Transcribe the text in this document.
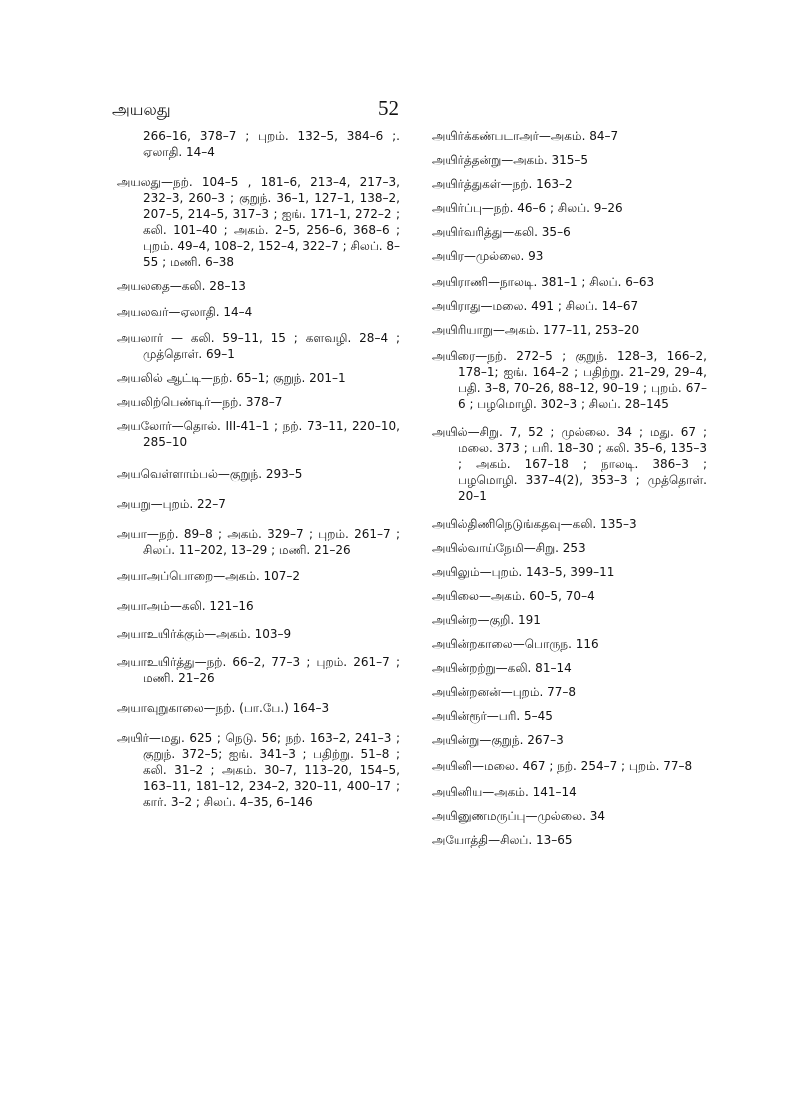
அயலது	52

266–16, 378–7 ; புறம். 132–5, 384–6 ;. ஏலாதி. 14–4

அயலது—நற். 104–5 , 181–6, 213–4, 217–3, 232–3, 260–3 ; குறுந். 36–1, 127–1, 138–2, 207–5, 214–5, 317–3 ; ஐங். 171–1, 272–2 ; கலி. 101–40 ; அகம். 2–5, 256–6, 368–6 ; புறம். 49–4, 108–2, 152–4, 322–7 ; சிலப். 8–55 ; மணி. 6–38

அயலதை—கலி. 28–13

அயலவர்—ஏலாதி. 14–4

அயலார் — கலி. 59–11, 15 ; களவழி. 28–4 ; முத்தொள். 69–1

அயலில் ஆட்டி—நற். 65–1; குறுந். 201–1

அயலிற்பெண்டிர்—நற். 378–7

அயலோர்—தொல். III-41–1 ; நற். 73–11, 220–10, 285–10

அயவெள்ளாம்பல்—குறுந். 293–5

அயறு—புறம். 22–7

அயா—நற். 89–8 ; அகம். 329–7 ; புறம். 261–7 ; சிலப். 11–202, 13–29 ; மணி. 21–26

அயாஅப்பொறை—அகம். 107–2

அயாஅம்—கலி. 121–16

அயாஉயிர்க்கும்—அகம். 103–9

அயாஉயிர்த்து—நற். 66–2, 77–3 ; புறம். 261–7 ; மணி. 21–26

அயாவுறுகாலை—நற். (பா.பே.) 164–3

அயிர்—மது. 625 ; நெடு. 56; நற். 163–2, 241–3 ; குறுந். 372–5; ஐங். 341–3 ; பதிற்று. 51–8 ; கலி. 31–2 ; அகம். 30–7, 113–20, 154–5, 163–11, 181–12, 234–2, 320–11, 400–17 ; கார். 3–2 ; சிலப். 4–35, 6–146

அயிர்க்கண்படாஅர்—அகம். 84–7

அயிர்த்தன்று—அகம். 315–5

அயிர்த்துகள்—நற். 163–2

அயிர்ப்பு—நற். 46–6 ; சிலப். 9–26

அயிர்வரித்து—கலி. 35–6

அயிர—முல்லை. 93

அயிராணி—நாலடி. 381–1 ; சிலப். 6–63

அயிராது—மலை. 491 ; சிலப். 14–67

அயிரியாறு—அகம். 177–11, 253–20

அயிரை—நற். 272–5 ; குறுந். 128–3, 166–2, 178–1; ஐங். 164–2 ; பதிற்று. 21–29, 29–4, பதி. 3–8, 70–26, 88–12, 90–19 ; புறம். 67–6 ; பழமொழி. 302–3 ; சிலப். 28–145

அயில்—சிறு. 7, 52 ; முல்லை. 34 ; மது. 67 ; மலை. 373 ; பரி. 18–30 ; கலி. 35–6, 135–3 ; அகம். 167–18 ; நாலடி. 386–3 ; பழமொழி. 337–4(2), 353–3 ; முத்தொள். 20–1

அயில்திணிநெடுங்கதவு—கலி. 135–3

அயில்வாய்நேமி—சிறு. 253

அயிலும்—புறம். 143–5, 399–11

அயிலை—அகம். 60–5, 70–4

அயின்ற—குறி. 191

அயின்றகாலை—பொருந. 116

அயின்றற்று—கலி. 81–14

அயின்றனன்—புறம். 77–8

அயின்ரூர்—பரி. 5–45

அயின்று—குறுந். 267–3

அயினி—மலை. 467 ; நற். 254–7 ; புறம். 77–8

அயினிய—அகம். 141–14

அயினுணமருப்பு—முல்லை. 34

அயோத்தி—சிலப். 13–65
